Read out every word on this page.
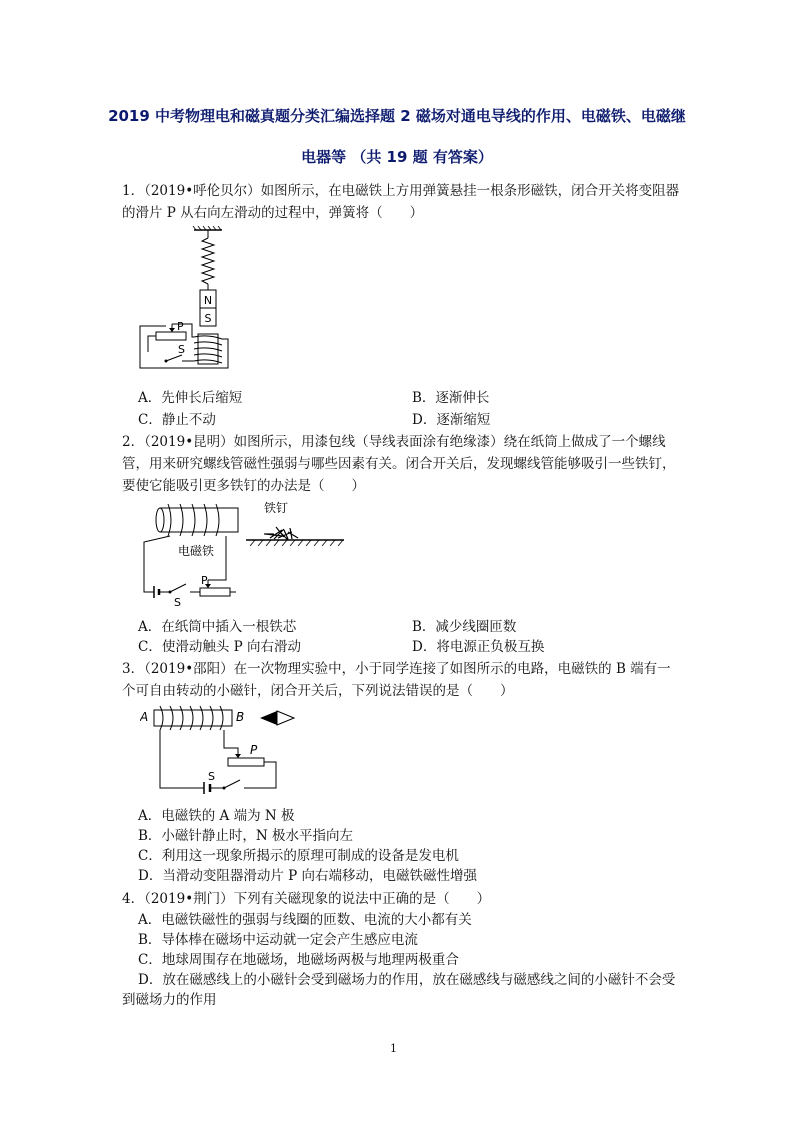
2019 中考物理电和磁真题分类汇编选择题 2 磁场对通电导线的作用、电磁铁、电磁继
电器等 （共 19 题 有答案）
1．（2019•呼伦贝尔）如图所示，在电磁铁上方用弹簧悬挂一根条形磁铁，闭合开关将变阻器的滑片 P 从右向左滑动的过程中，弹簧将（　　）
N
S
P
S
A．先伸长后缩短	B．逐渐伸长
C．静止不动	D．逐渐缩短
2．（2019•昆明）如图所示，用漆包线（导线表面涂有绝缘漆）绕在纸筒上做成了一个螺线管，用来研究螺线管磁性强弱与哪些因素有关。闭合开关后，发现螺线管能够吸引一些铁钉，要使它能吸引更多铁钉的办法是（　　）
电磁铁
S
P
铁钉
A．在纸筒中插入一根铁芯	B．减少线圈匝数
C．使滑动触头 P 向右滑动	D．将电源正负极互换
3．（2019•邵阳）在一次物理实验中，小于同学连接了如图所示的电路，电磁铁的 B 端有一个可自由转动的小磁针，闭合开关后，下列说法错误的是（　　）
A	B
S
P
A．电磁铁的 A 端为 N 极
B．小磁针静止时，N 极水平指向左
C．利用这一现象所揭示的原理可制成的设备是发电机
D．当滑动变阻器滑动片 P 向右端移动，电磁铁磁性增强
4．（2019•荆门）下列有关磁现象的说法中正确的是（　　）
A．电磁铁磁性的强弱与线圈的匝数、电流的大小都有关
B．导体棒在磁场中运动就一定会产生感应电流
C．地球周围存在地磁场，地磁场两极与地理两极重合
D．放在磁感线上的小磁针会受到磁场力的作用，放在磁感线与磁感线之间的小磁针不会受到磁场力的作用
1
